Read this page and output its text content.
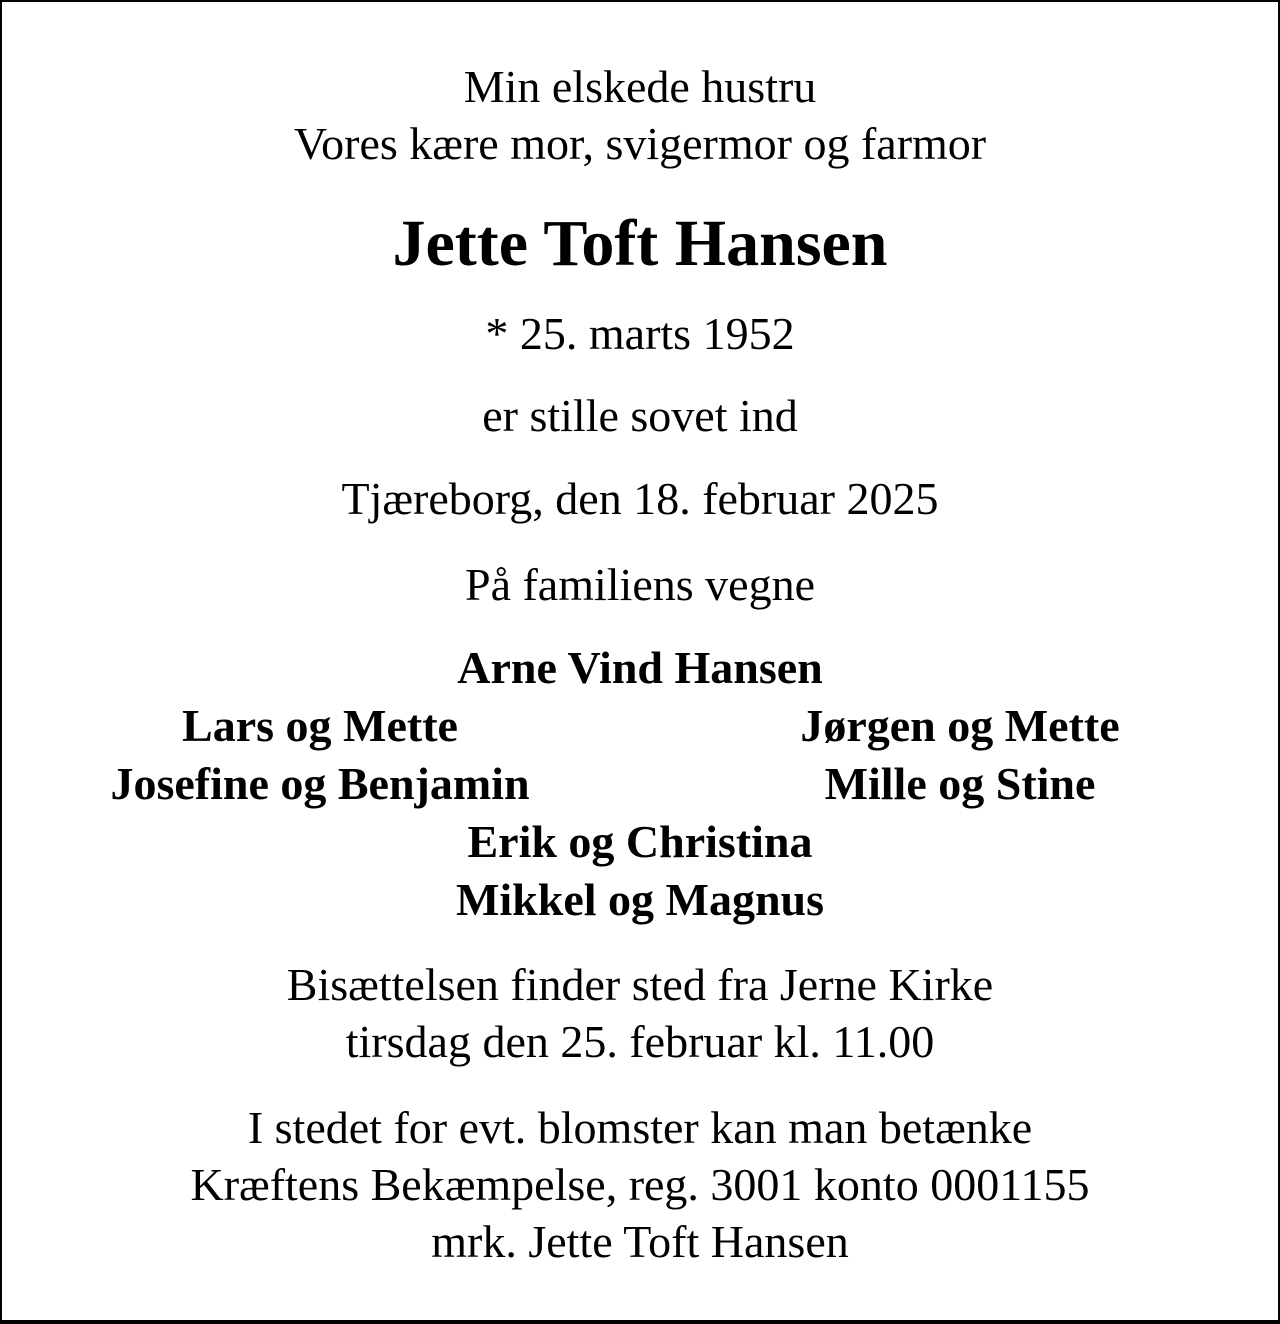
Min elskede hustru
Vores kære mor, svigermor og farmor
Jette Toft Hansen
* 25. marts 1952
er stille sovet ind
Tjæreborg, den 18. februar 2025
På familiens vegne
Arne Vind Hansen
Lars og Mette
Josefine og Benjamin
Jørgen og Mette
Mille og Stine
Erik og Christina
Mikkel og Magnus
Bisættelsen finder sted fra Jerne Kirke
tirsdag den 25. februar kl. 11.00
I stedet for evt. blomster kan man betænke
Kræftens Bekæmpelse, reg. 3001 konto 0001155
mrk. Jette Toft Hansen
